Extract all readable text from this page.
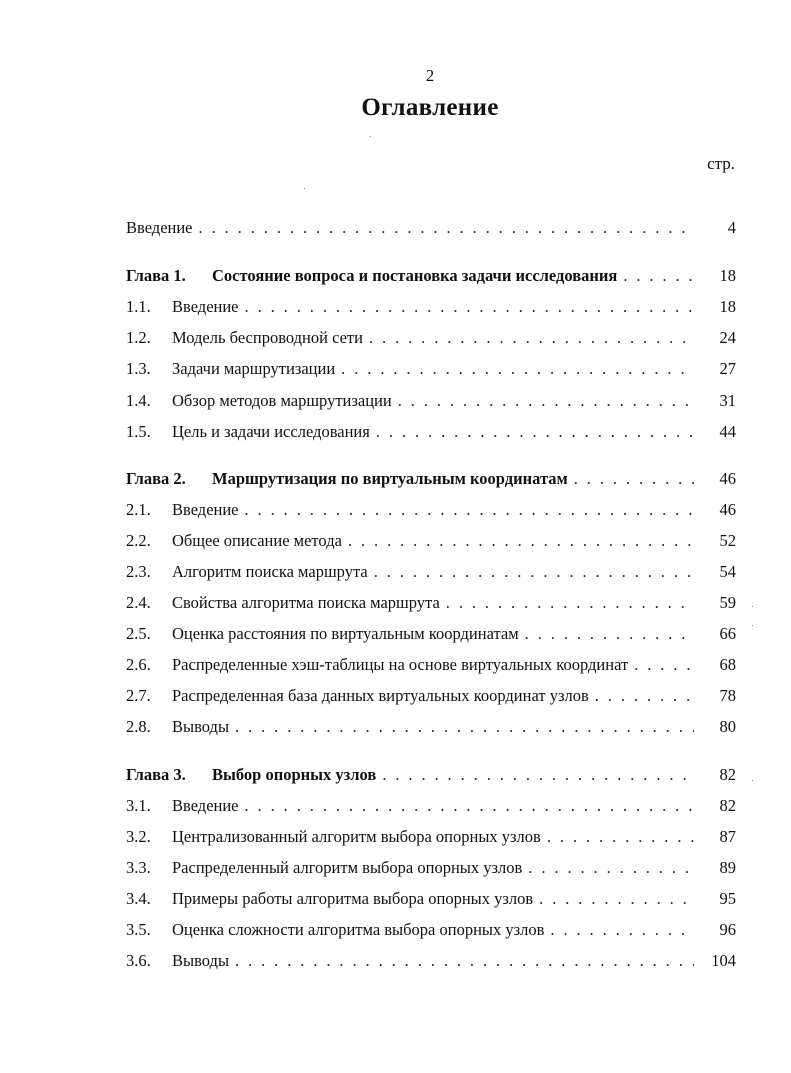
2
Оглавление
стр.
Введение . . .	4
Глава 1.	Состояние вопроса и постановка задачи исследования . . .	18
1.1.	Введение . . .	18
1.2.	Модель беспроводной сети . . .	24
1.3.	Задачи маршрутизации . . .	27
1.4.	Обзор методов маршрутизации . . .	31
1.5.	Цель и задачи исследования . . .	44
Глава 2.	Маршрутизация по виртуальным координатам . . .	46
2.1.	Введение . . .	46
2.2.	Общее описание метода . . .	52
2.3.	Алгоритм поиска маршрута . . .	54
2.4.	Свойства алгоритма поиска маршрута . . .	59
2.5.	Оценка расстояния по виртуальным координатам . . .	66
2.6.	Распределенные хэш-таблицы на основе виртуальных координат . . .	68
2.7.	Распределенная база данных виртуальных координат узлов . . .	78
2.8.	Выводы . . .	80
Глава 3.	Выбор опорных узлов . . .	82
3.1.	Введение . . .	82
3.2.	Централизованный алгоритм выбора опорных узлов . . .	87
3.3.	Распределенный алгоритм выбора опорных узлов . . .	89
3.4.	Примеры работы алгоритма выбора опорных узлов . . .	95
3.5.	Оценка сложности алгоритма выбора опорных узлов . . .	96
3.6.	Выводы . . .	104
